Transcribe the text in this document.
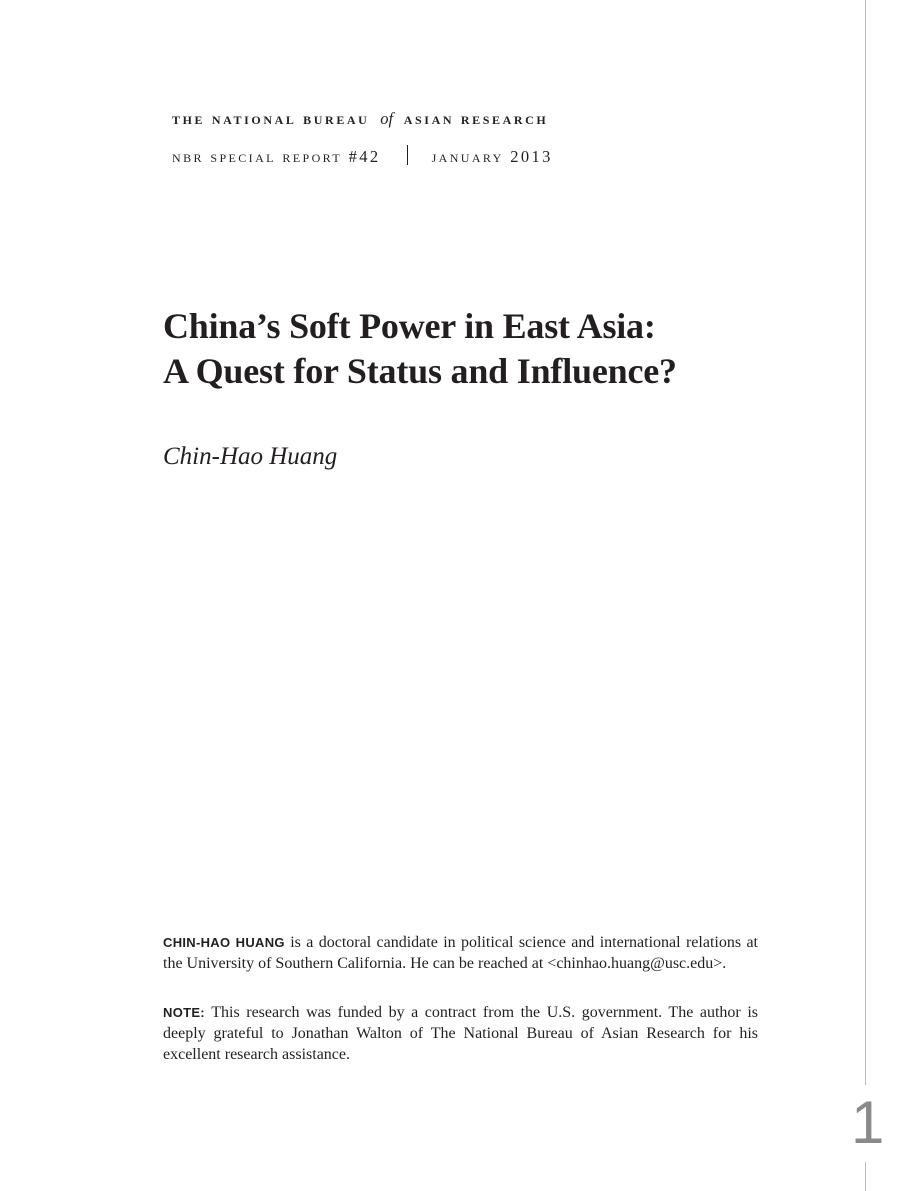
the national bureau of asian research
nbr special report #42	january 2013
China’s Soft Power in East Asia:
A Quest for Status and Influence?
Chin-Hao Huang

CHIN-HAO HUANG is a doctoral candidate in political science and international relations at the University of Southern California. He can be reached at <chinhao.huang@usc.edu>.

NOTE: This research was funded by a contract from the U.S. government. The author is deeply grateful to Jonathan Walton of The National Bureau of Asian Research for his excellent research assistance.

1
